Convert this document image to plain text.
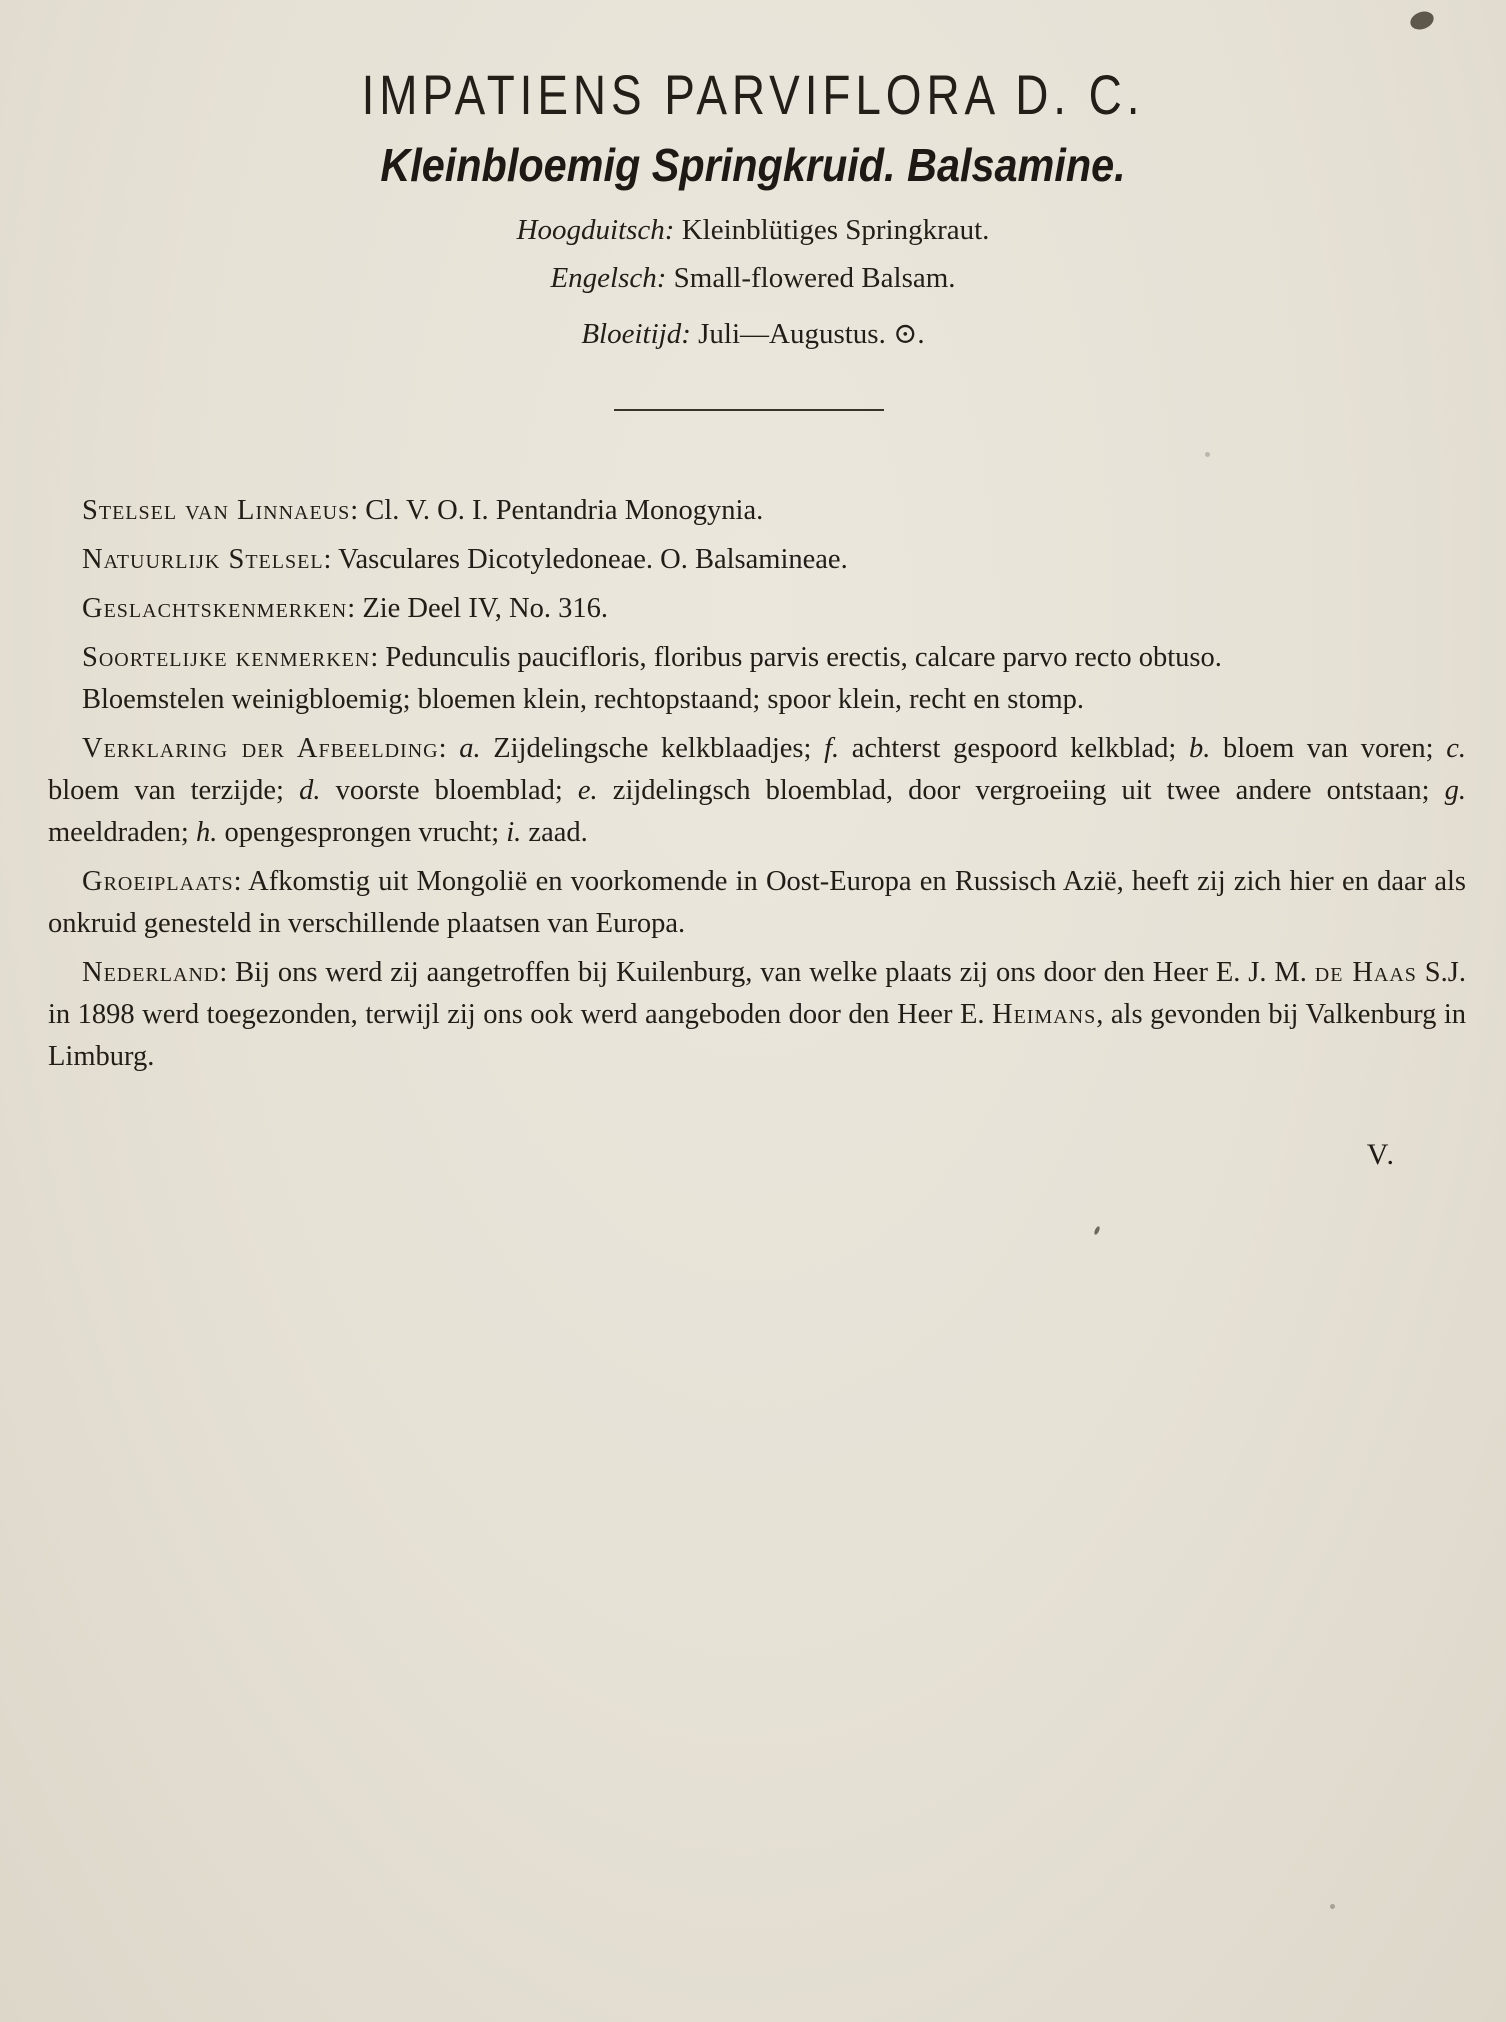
IMPATIENS PARVIFLORA D. C.
Kleinbloemig Springkruid. Balsamine.
Hoogduitsch: Kleinblütiges Springkraut.
Engelsch: Small-flowered Balsam.
Bloeitijd: Juli—Augustus. ⊙.

Stelsel van Linnaeus: Cl. V. O. I. Pentandria Monogynia.

Natuurlijk Stelsel: Vasculares Dicotyledoneae. O. Balsamineae.

Geslachtskenmerken: Zie Deel IV, No. 316.

Soortelijke kenmerken: Pedunculis paucifloris, floribus parvis erectis, calcare parvo recto obtuso.

Bloemstelen weinigbloemig; bloemen klein, rechtopstaand; spoor klein, recht en stomp.

Verklaring der Afbeelding: a. Zijdelingsche kelkblaadjes; f. achterst gespoord kelkblad; b. bloem van voren; c. bloem van terzijde; d. voorste bloemblad; e. zijdelingsch bloemblad, door vergroeiing uit twee andere ontstaan; g. meeldraden; h. opengesprongen vrucht; i. zaad.

Groeiplaats: Afkomstig uit Mongolië en voorkomende in Oost-Europa en Russisch Azië, heeft zij zich hier en daar als onkruid genesteld in verschillende plaatsen van Europa.

Nederland: Bij ons werd zij aangetroffen bij Kuilenburg, van welke plaats zij ons door den Heer E. J. M. de Haas S.J. in 1898 werd toegezonden, terwijl zij ons ook werd aangeboden door den Heer E. Heimans, als gevonden bij Valkenburg in Limburg.

V.
